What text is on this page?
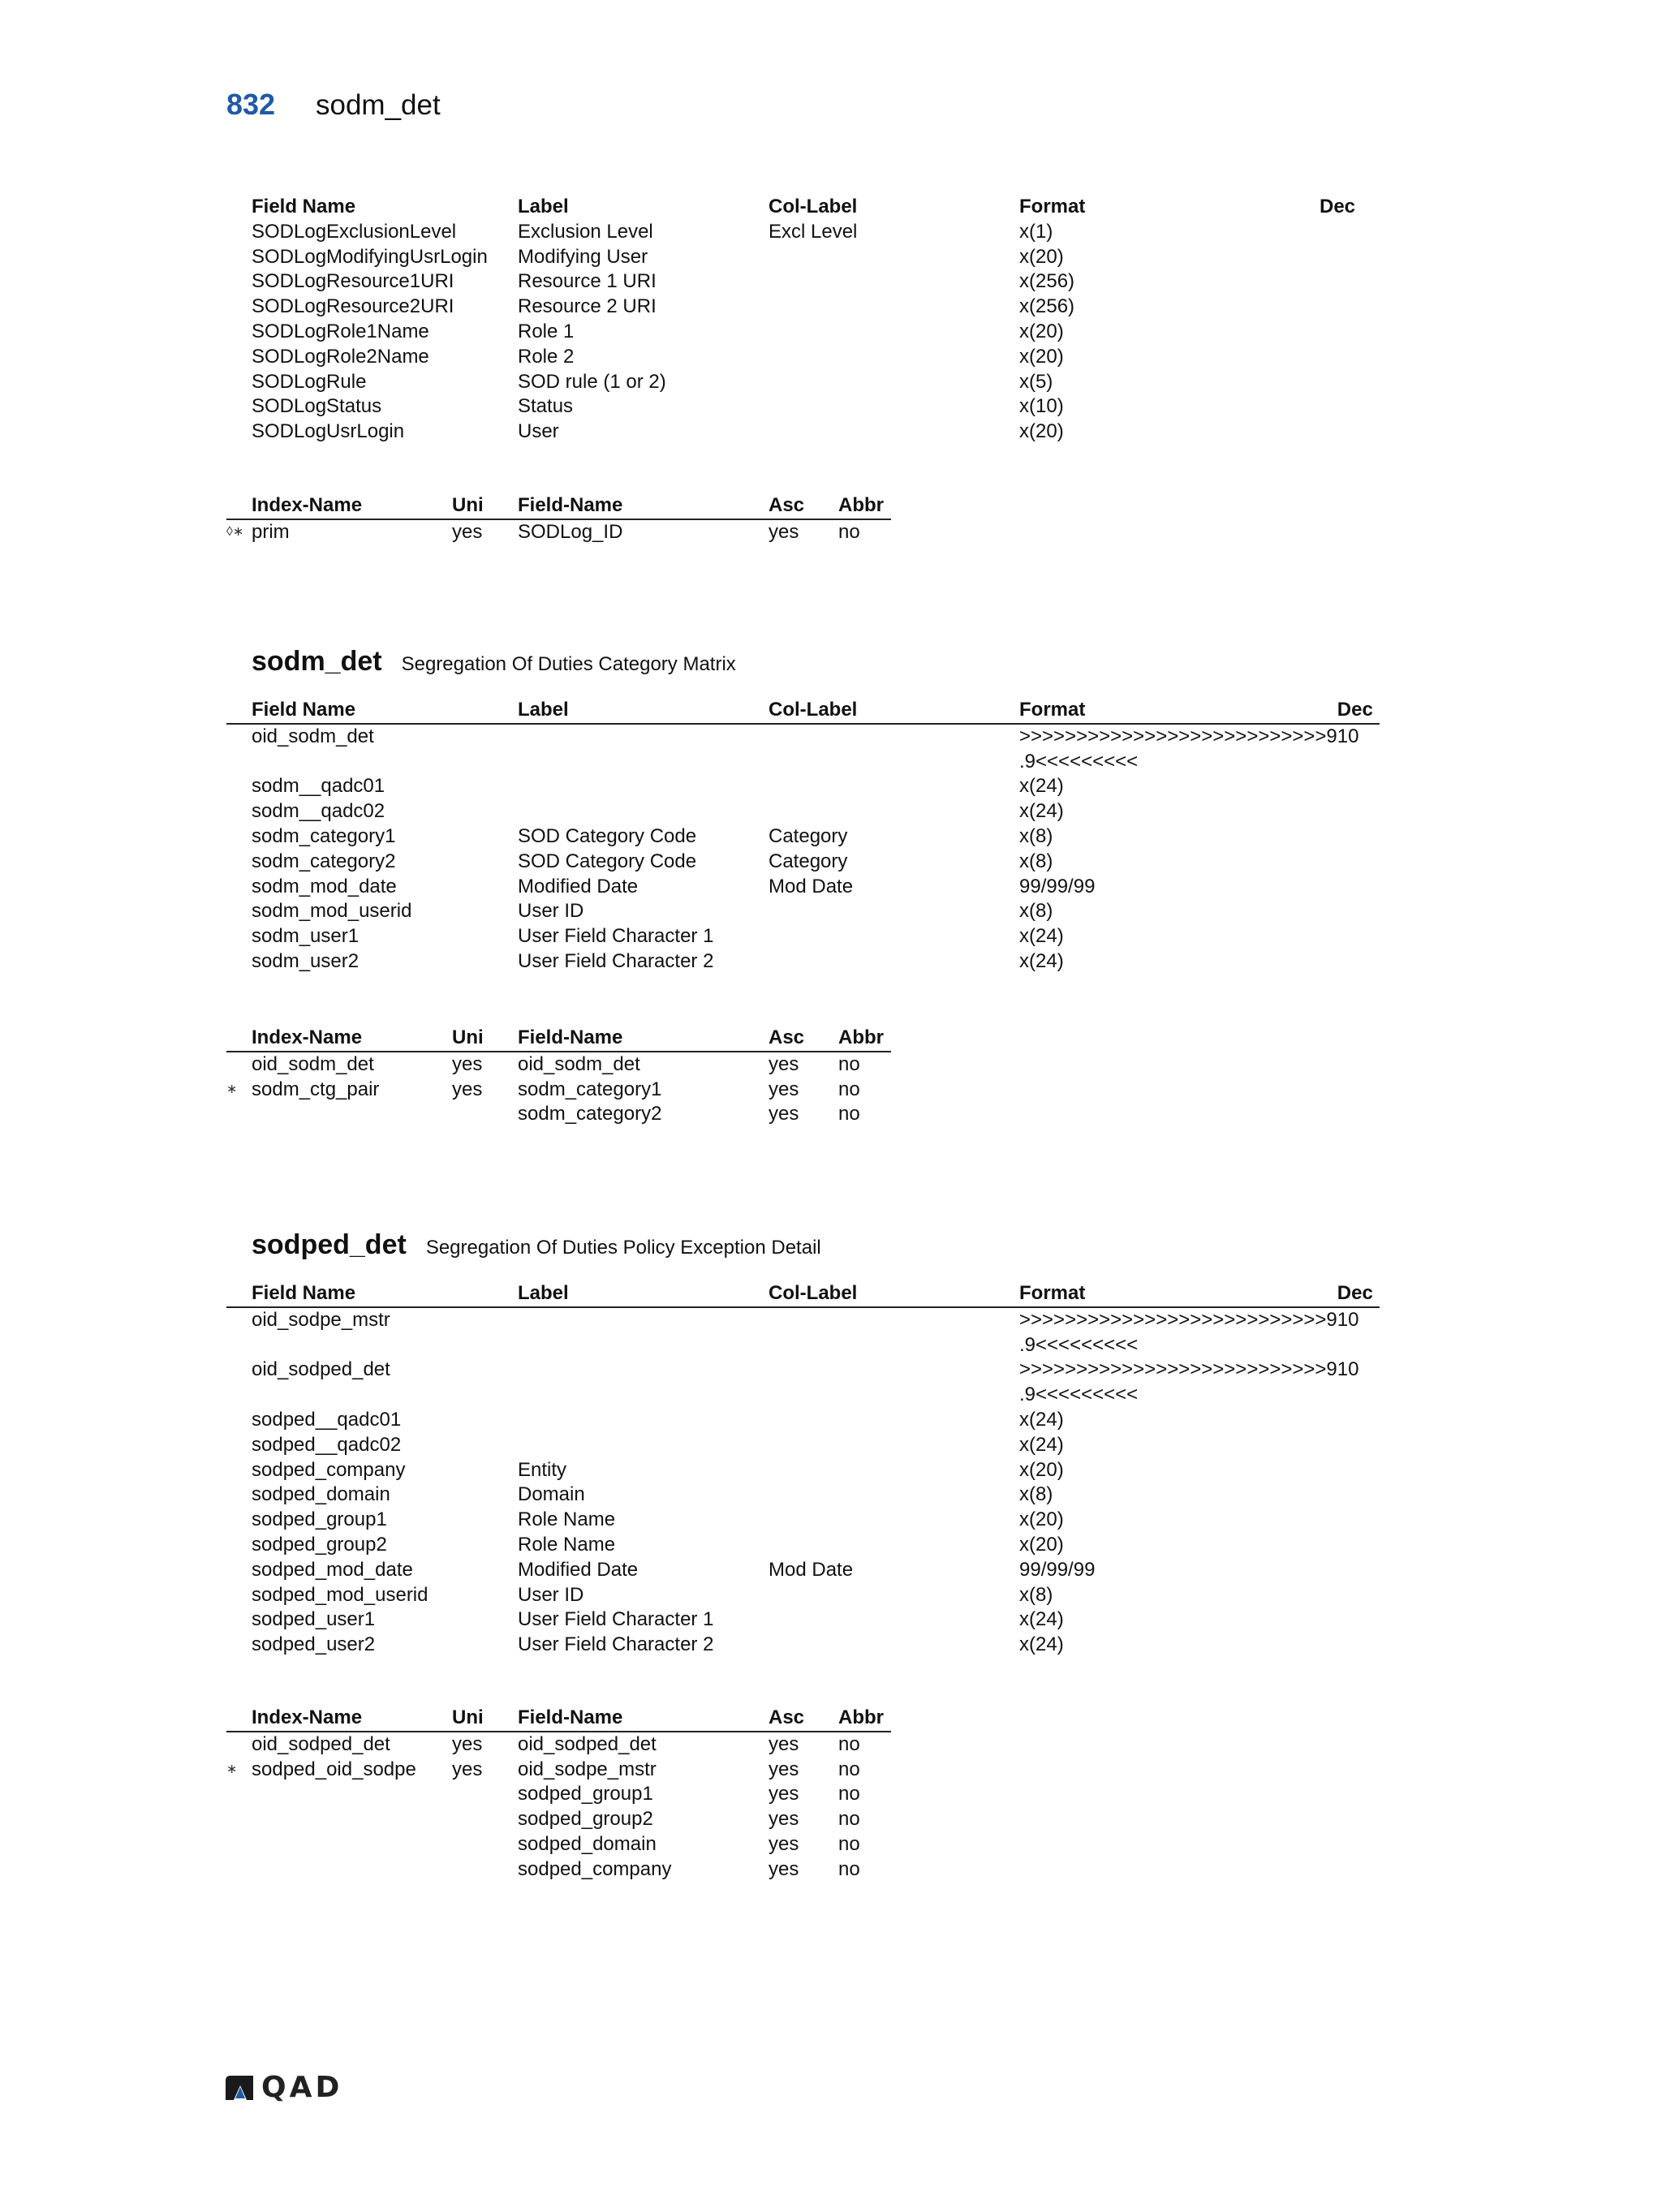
832	sodm_det
	Field Name	Label	Col-Label	Format	Dec
	SODLogExclusionLevel	Exclusion Level	Excl Level	x(1)	
	SODLogModifyingUsrLogin	Modifying User		x(20)	
	SODLogResource1URI	Resource 1 URI		x(256)	
	SODLogResource2URI	Resource 2 URI		x(256)	
	SODLogRole1Name	Role 1		x(20)	
	SODLogRole2Name	Role 2		x(20)	
	SODLogRule	SOD rule (1 or 2)		x(5)	
	SODLogStatus	Status		x(10)	
	SODLogUsrLogin	User		x(20)	
	Index-Name	Uni	Field-Name	Asc	Abbr
◊∗	prim	yes	SODLog_ID	yes	no
sodm_det Segregation Of Duties Category Matrix
	Field Name	Label	Col-Label	Format	Dec
	oid_sodm_det			>>>>>>>>>>>>>>>>>>>>>>>>>>>9	10
				.9<<<<<<<<<	
	sodm__qadc01			x(24)	
	sodm__qadc02			x(24)	
	sodm_category1	SOD Category Code	Category	x(8)	
	sodm_category2	SOD Category Code	Category	x(8)	
	sodm_mod_date	Modified Date	Mod Date	99/99/99	
	sodm_mod_userid	User ID		x(8)	
	sodm_user1	User Field Character 1		x(24)	
	sodm_user2	User Field Character 2		x(24)	
	Index-Name	Uni	Field-Name	Asc	Abbr
	oid_sodm_det	yes	oid_sodm_det	yes	no
∗	sodm_ctg_pair	yes	sodm_category1	yes	no
			sodm_category2	yes	no
sodped_det Segregation Of Duties Policy Exception Detail
	Field Name	Label	Col-Label	Format	Dec
	oid_sodpe_mstr			>>>>>>>>>>>>>>>>>>>>>>>>>>>9	10
				.9<<<<<<<<<	
	oid_sodped_det			>>>>>>>>>>>>>>>>>>>>>>>>>>>9	10
				.9<<<<<<<<<	
	sodped__qadc01			x(24)	
	sodped__qadc02			x(24)	
	sodped_company	Entity		x(20)	
	sodped_domain	Domain		x(8)	
	sodped_group1	Role Name		x(20)	
	sodped_group2	Role Name		x(20)	
	sodped_mod_date	Modified Date	Mod Date	99/99/99	
	sodped_mod_userid	User ID		x(8)	
	sodped_user1	User Field Character 1		x(24)	
	sodped_user2	User Field Character 2		x(24)	
	Index-Name	Uni	Field-Name	Asc	Abbr
	oid_sodped_det	yes	oid_sodped_det	yes	no
∗	sodped_oid_sodpe	yes	oid_sodpe_mstr	yes	no
			sodped_group1	yes	no
			sodped_group2	yes	no
			sodped_domain	yes	no
			sodped_company	yes	no
QAD
